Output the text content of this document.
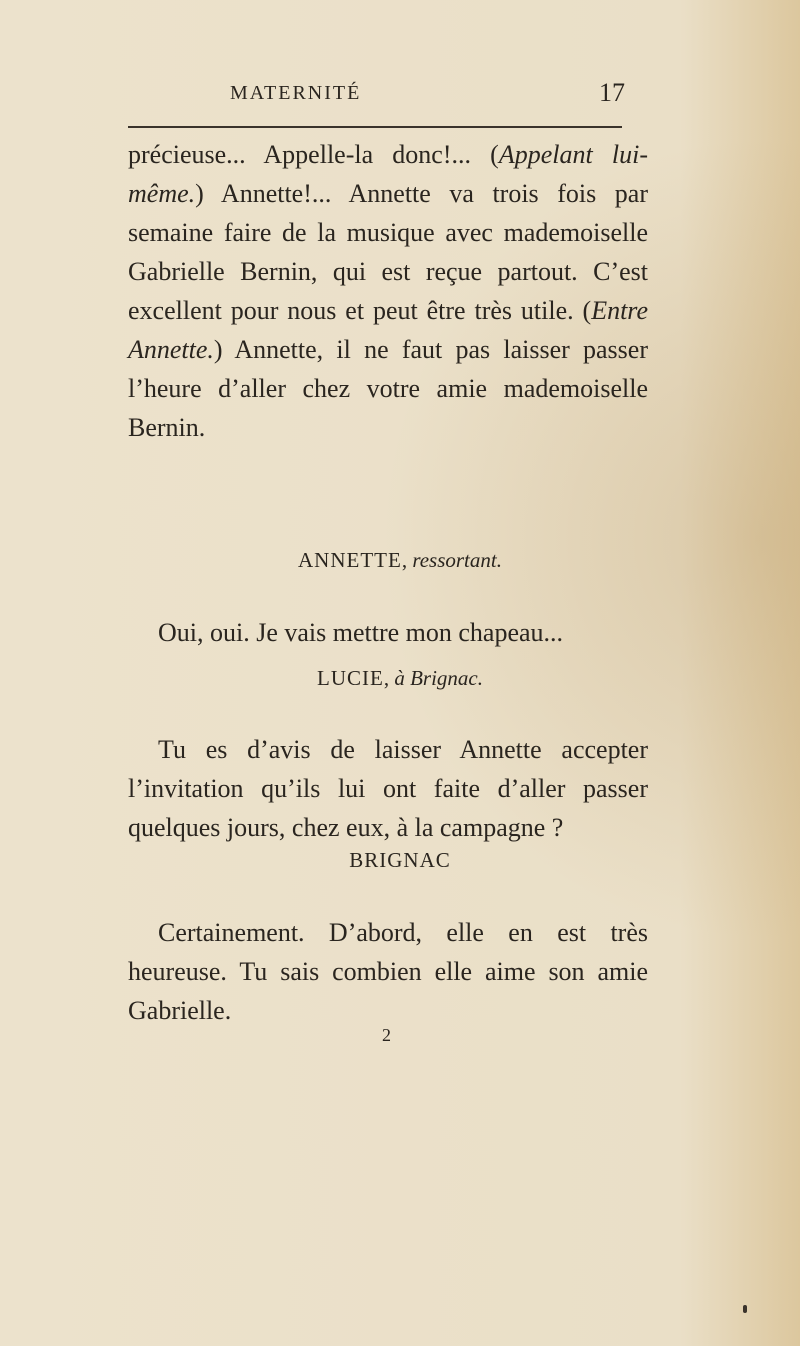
MATERNITÉ	17
précieuse... Appelle-la donc!... (Appelant lui-même.) Annette!... Annette va trois fois par semaine faire de la musique avec mademoiselle Gabrielle Bernin, qui est reçue partout. C’est excellent pour nous et peut être très utile. (Entre Annette.) Annette, il ne faut pas laisser passer l’heure d’aller chez votre amie mademoiselle Bernin.
ANNETTE, ressortant.
Oui, oui. Je vais mettre mon chapeau...
LUCIE, à Brignac.
Tu es d’avis de laisser Annette accepter l’invitation qu’ils lui ont faite d’aller passer quelques jours, chez eux, à la campagne ?
BRIGNAC
Certainement. D’abord, elle en est très heureuse. Tu sais combien elle aime son amie Gabrielle.
2
